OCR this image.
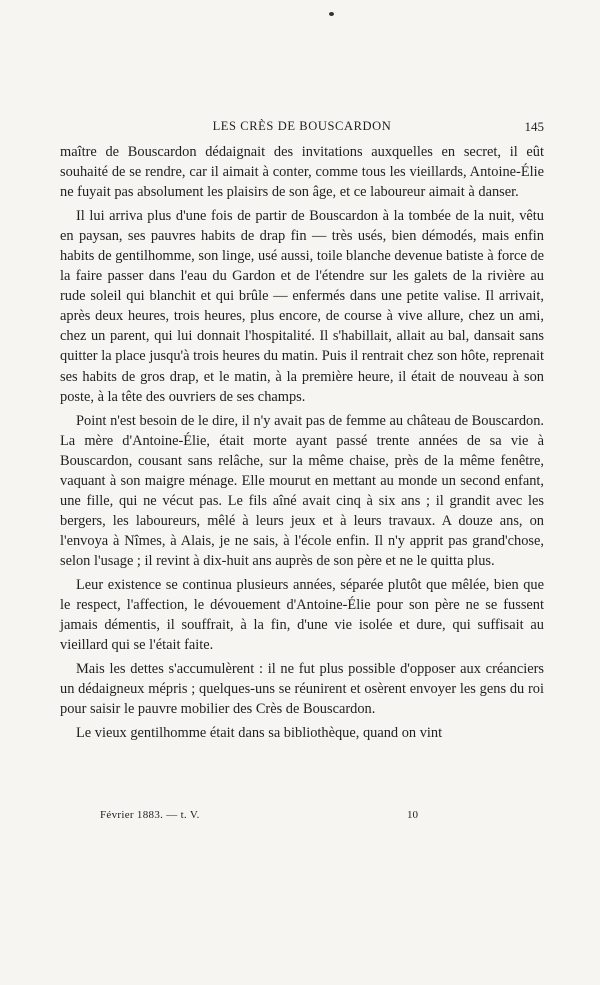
LES CRÈS DE BOUSCARDON	145

maître de Bouscardon dédaignait des invitations auxquelles en secret, il eût souhaité de se rendre, car il aimait à conter, comme tous les vieillards, Antoine-Élie ne fuyait pas absolument les plaisirs de son âge, et ce laboureur aimait à danser.

Il lui arriva plus d'une fois de partir de Bouscardon à la tombée de la nuit, vêtu en paysan, ses pauvres habits de drap fin — très usés, bien démodés, mais enfin habits de gentilhomme, son linge, usé aussi, toile blanche devenue batiste à force de la faire passer dans l'eau du Gardon et de l'étendre sur les galets de la rivière au rude soleil qui blanchit et qui brûle — enfermés dans une petite valise. Il arrivait, après deux heures, trois heures, plus encore, de course à vive allure, chez un ami, chez un parent, qui lui donnait l'hospitalité. Il s'habillait, allait au bal, dansait sans quitter la place jusqu'à trois heures du matin. Puis il rentrait chez son hôte, reprenait ses habits de gros drap, et le matin, à la première heure, il était de nouveau à son poste, à la tête des ouvriers de ses champs.

Point n'est besoin de le dire, il n'y avait pas de femme au château de Bouscardon. La mère d'Antoine-Élie, était morte ayant passé trente années de sa vie à Bouscardon, cousant sans relâche, sur la même chaise, près de la même fenêtre, vaquant à son maigre ménage. Elle mourut en mettant au monde un second enfant, une fille, qui ne vécut pas. Le fils aîné avait cinq à six ans ; il grandit avec les bergers, les laboureurs, mêlé à leurs jeux et à leurs travaux. A douze ans, on l'envoya à Nîmes, à Alais, je ne sais, à l'école enfin. Il n'y apprit pas grand'chose, selon l'usage ; il revint à dix-huit ans auprès de son père et ne le quitta plus.

Leur existence se continua plusieurs années, séparée plutôt que mêlée, bien que le respect, l'affection, le dévouement d'Antoine-Élie pour son père ne se fussent jamais démentis, il souffrait, à la fin, d'une vie isolée et dure, qui suffisait au vieillard qui se l'était faite.

Mais les dettes s'accumulèrent : il ne fut plus possible d'opposer aux créanciers un dédaigneux mépris ; quelques-uns se réunirent et osèrent envoyer les gens du roi pour saisir le pauvre mobilier des Crès de Bouscardon.

Le vieux gentilhomme était dans sa bibliothèque, quand on vint

Février 1883. — t. V.	10
